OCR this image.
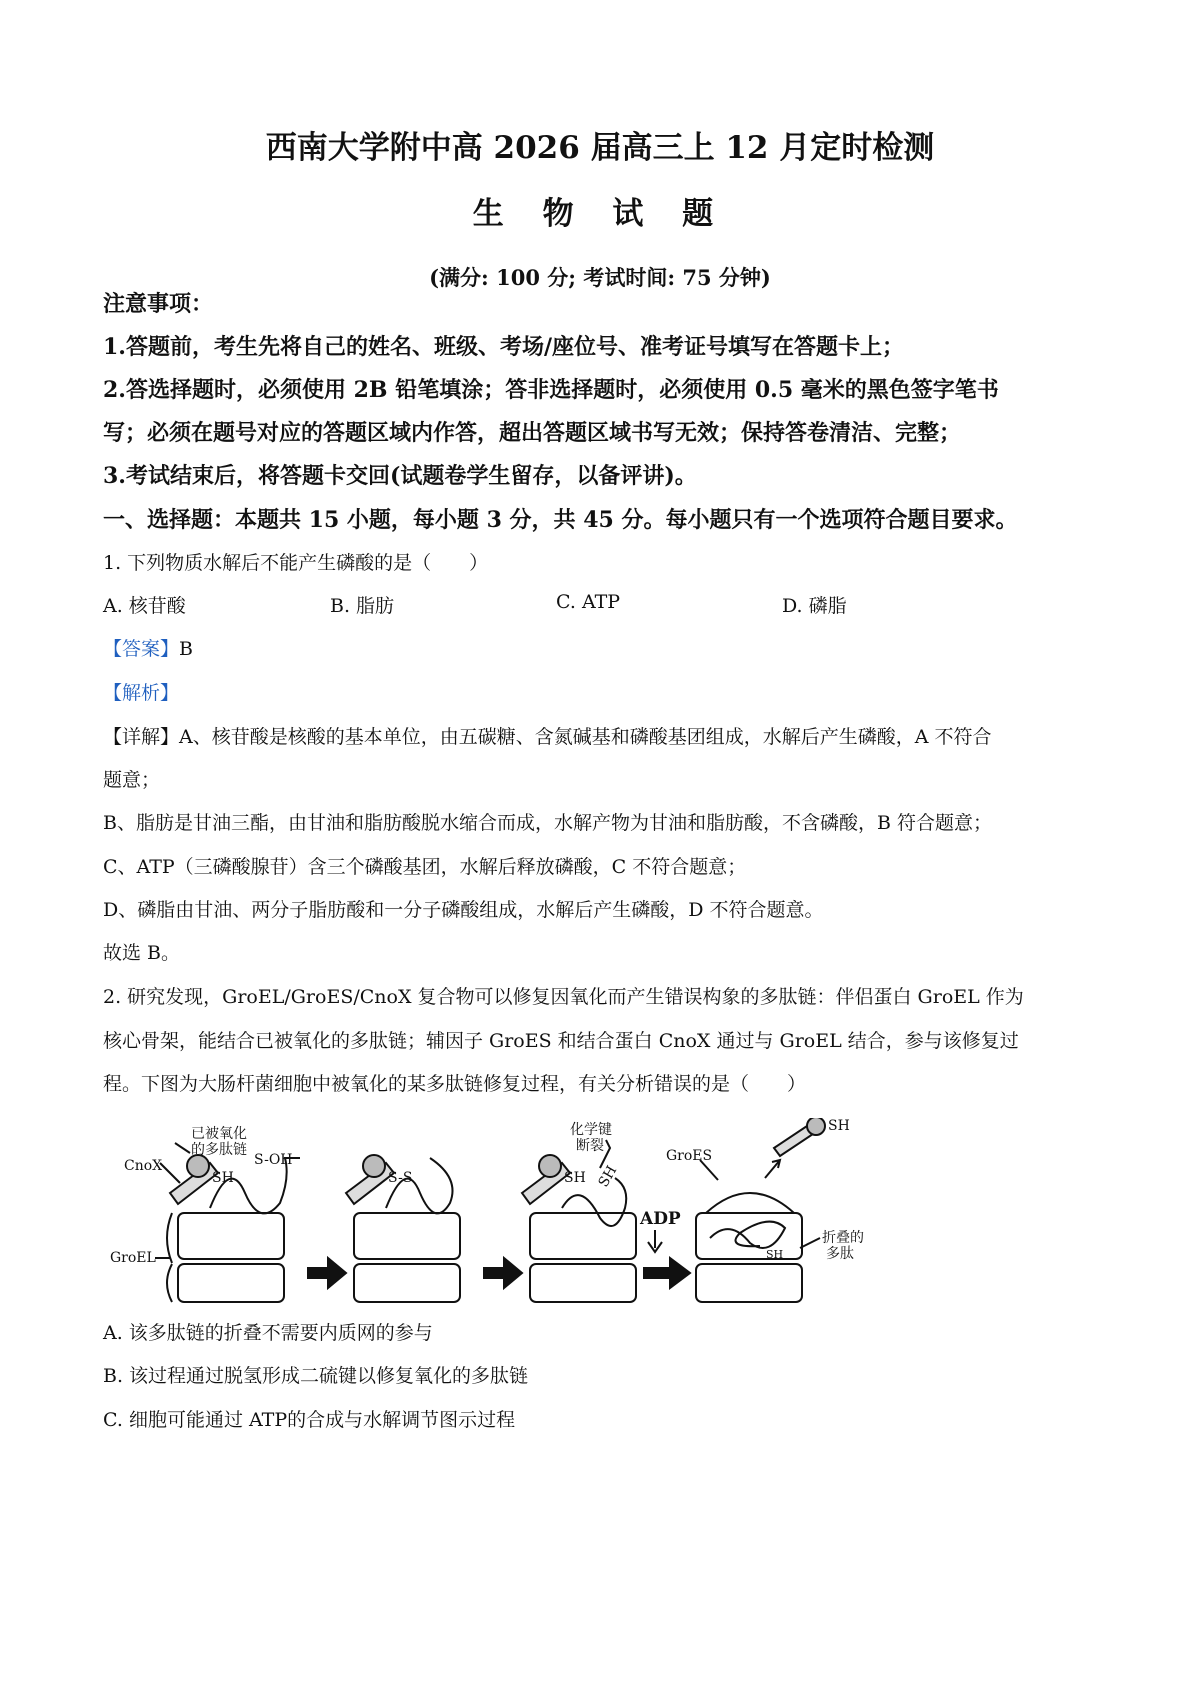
西南大学附中高 2026 届高三上 12 月定时检测
生 物 试 题
(满分: 100 分; 考试时间: 75 分钟)
注意事项：
1.答题前，考生先将自己的姓名、班级、考场/座位号、准考证号填写在答题卡上；
2.答选择题时，必须使用 2B 铅笔填涂；答非选择题时，必须使用 0.5 毫米的黑色签字笔书
写；必须在题号对应的答题区域内作答，超出答题区域书写无效；保持答卷清洁、完整；
3.考试结束后，将答题卡交回(试题卷学生留存，以备评讲)。
一、选择题：本题共 15 小题，每小题 3 分，共 45 分。每小题只有一个选项符合题目要求。
1. 下列物质水解后不能产生磷酸的是（　　）
A. 核苷酸	B. 脂肪	C. ATP	D. 磷脂
【答案】B
【解析】
【详解】A、核苷酸是核酸的基本单位，由五碳糖、含氮碱基和磷酸基团组成，水解后产生磷酸，A 不符合
题意；
B、脂肪是甘油三酯，由甘油和脂肪酸脱水缩合而成，水解产物为甘油和脂肪酸，不含磷酸，B 符合题意；
C、ATP（三磷酸腺苷）含三个磷酸基团，水解后释放磷酸，C 不符合题意；
D、磷脂由甘油、两分子脂肪酸和一分子磷酸组成，水解后产生磷酸，D 不符合题意。
故选 B。
2. 研究发现，GroEL/GroES/CnoX 复合物可以修复因氧化而产生错误构象的多肽链：伴侣蛋白 GroEL 作为
核心骨架，能结合已被氧化的多肽链；辅因子 GroES 和结合蛋白 CnoX 通过与 GroEL 结合，参与该修复过
程。下图为大肠杆菌细胞中被氧化的某多肽链修复过程，有关分析错误的是（　　）
已被氧化
的多肽链
CnoX
SH
S-OH
GroEL
S-S
化学键
断裂
SH SH
ADP
GroES
SH
折叠的
多肽
SH
A. 该多肽链的折叠不需要内质网的参与
B. 该过程通过脱氢形成二硫键以修复氧化的多肽链
C. 细胞可能通过 ATP的合成与水解调节图示过程
